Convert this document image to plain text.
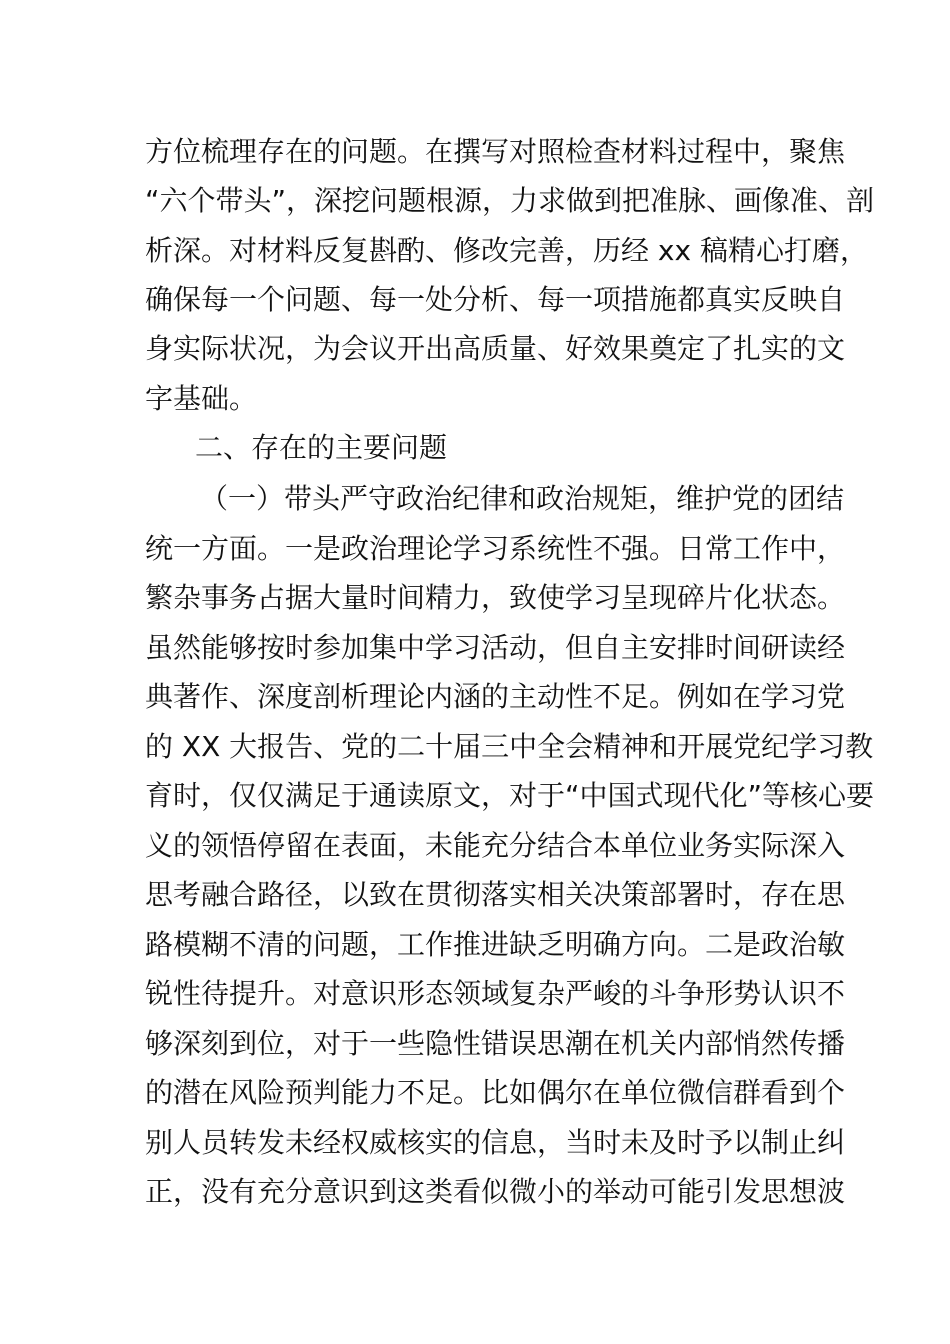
方位梳理存在的问题。在撰写对照检查材料过程中，聚焦
“六个带头”，深挖问题根源，力求做到把准脉、画像准、剖
析深。对材料反复斟酌、修改完善，历经 xx 稿精心打磨，
确保每一个问题、每一处分析、每一项措施都真实反映自
身实际状况，为会议开出高质量、好效果奠定了扎实的文
字基础。
二、存在的主要问题
（一）带头严守政治纪律和政治规矩，维护党的团结
统一方面。一是政治理论学习系统性不强。日常工作中，
繁杂事务占据大量时间精力，致使学习呈现碎片化状态。
虽然能够按时参加集中学习活动，但自主安排时间研读经
典著作、深度剖析理论内涵的主动性不足。例如在学习党
的 XX 大报告、党的二十届三中全会精神和开展党纪学习教
育时，仅仅满足于通读原文，对于“中国式现代化”等核心要
义的领悟停留在表面，未能充分结合本单位业务实际深入
思考融合路径，以致在贯彻落实相关决策部署时，存在思
路模糊不清的问题，工作推进缺乏明确方向。二是政治敏
锐性待提升。对意识形态领域复杂严峻的斗争形势认识不
够深刻到位，对于一些隐性错误思潮在机关内部悄然传播
的潜在风险预判能力不足。比如偶尔在单位微信群看到个
别人员转发未经权威核实的信息，当时未及时予以制止纠
正，没有充分意识到这类看似微小的举动可能引发思想波
